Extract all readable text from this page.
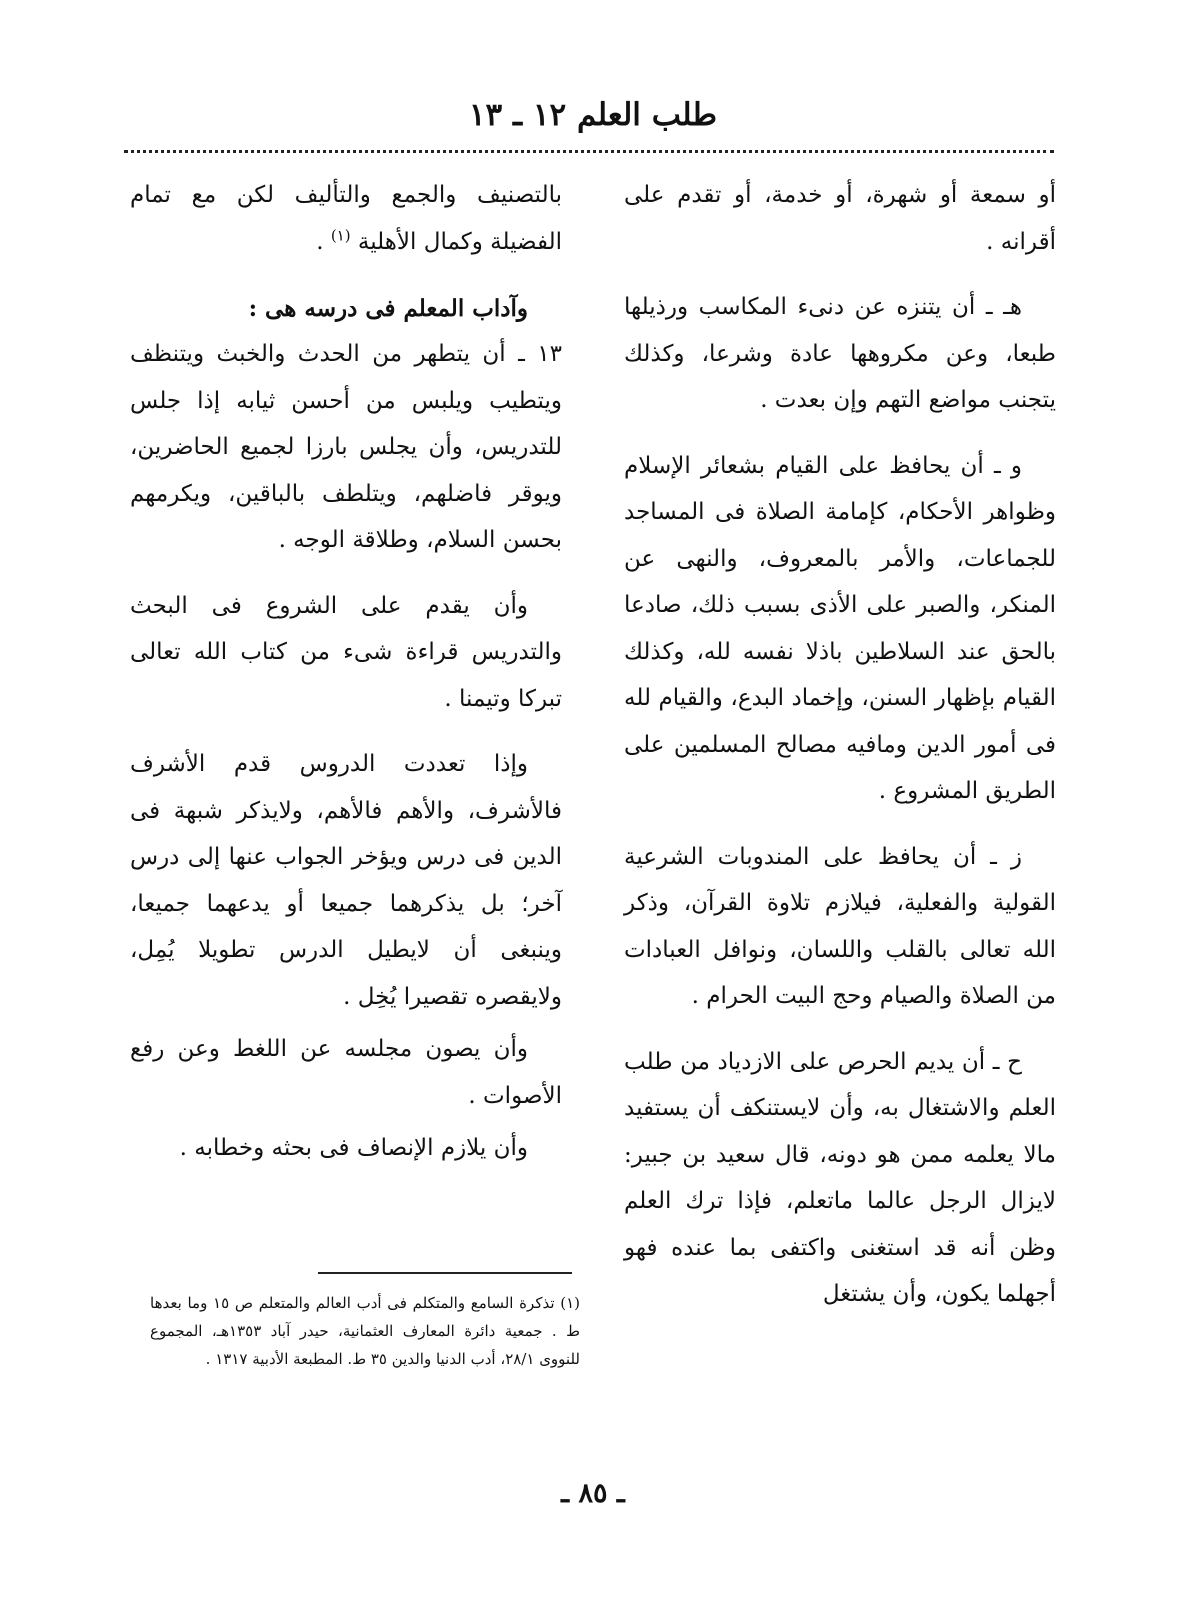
طلب العلم ١٢ ـ ١٣

أو سمعة أو شهرة، أو خدمة، أو تقدم على أقرانه .

هـ ـ أن يتنزه عن دنىء المكاسب ورذيلها طبعا، وعن مكروهها عادة وشرعا، وكذلك يتجنب مواضع التهم وإن بعدت .

و ـ أن يحافظ على القيام بشعائر الإسلام وظواهر الأحكام، كإمامة الصلاة فى المساجد للجماعات، والأمر بالمعروف، والنهى عن المنكر، والصبر على الأذى بسبب ذلك، صادعا بالحق عند السلاطين باذلا نفسه لله، وكذلك القيام بإظهار السنن، وإخماد البدع، والقيام لله فى أمور الدين ومافيه مصالح المسلمين على الطريق المشروع .

ز ـ أن يحافظ على المندوبات الشرعية القولية والفعلية، فيلازم تلاوة القرآن، وذكر الله تعالى بالقلب واللسان، ونوافل العبادات من الصلاة والصيام وحج البيت الحرام .

ح ـ أن يديم الحرص على الازدياد من طلب العلم والاشتغال به، وأن لايستنكف أن يستفيد مالا يعلمه ممن هو دونه، قال سعيد بن جبير: لايزال الرجل عالما ماتعلم، فإذا ترك العلم وظن أنه قد استغنى واكتفى بما عنده فهو أجهلما يكون، وأن يشتغل

بالتصنيف والجمع والتأليف لكن مع تمام الفضيلة وكمال الأهلية $^{(١)}$ .

وآداب المعلم فى درسه هى :

١٣ ـ أن يتطهر من الحدث والخبث ويتنظف ويتطيب ويلبس من أحسن ثيابه إذا جلس للتدريس، وأن يجلس بارزا لجميع الحاضرين، ويوقر فاضلهم، ويتلطف بالباقين، ويكرمهم بحسن السلام، وطلاقة الوجه .

وأن يقدم على الشروع فى البحث والتدريس قراءة شىء من كتاب الله تعالى تبركا وتيمنا .

وإذا تعددت الدروس قدم الأشرف فالأشرف، والأهم فالأهم، ولايذكر شبهة فى الدين فى درس ويؤخر الجواب عنها إلى درس آخر؛ بل يذكرهما جميعا أو يدعهما جميعا، وينبغى أن لايطيل الدرس تطويلا يُمِل، ولايقصره تقصيرا يُخِل .

وأن يصون مجلسه عن اللغط وعن رفع الأصوات .

وأن يلازم الإنصاف فى بحثه وخطابه .

(١) تذكرة السامع والمتكلم فى أدب العالم والمتعلم ص ١٥ وما بعدها ط . جمعية دائرة المعارف العثمانية، حيدر آباد ١٣٥٣هـ، المجموع للنووى ٢٨/١، أدب الدنيا والدين ٣٥ ط. المطبعة الأدبية ١٣١٧ .
ـ ٨٥ ـ
